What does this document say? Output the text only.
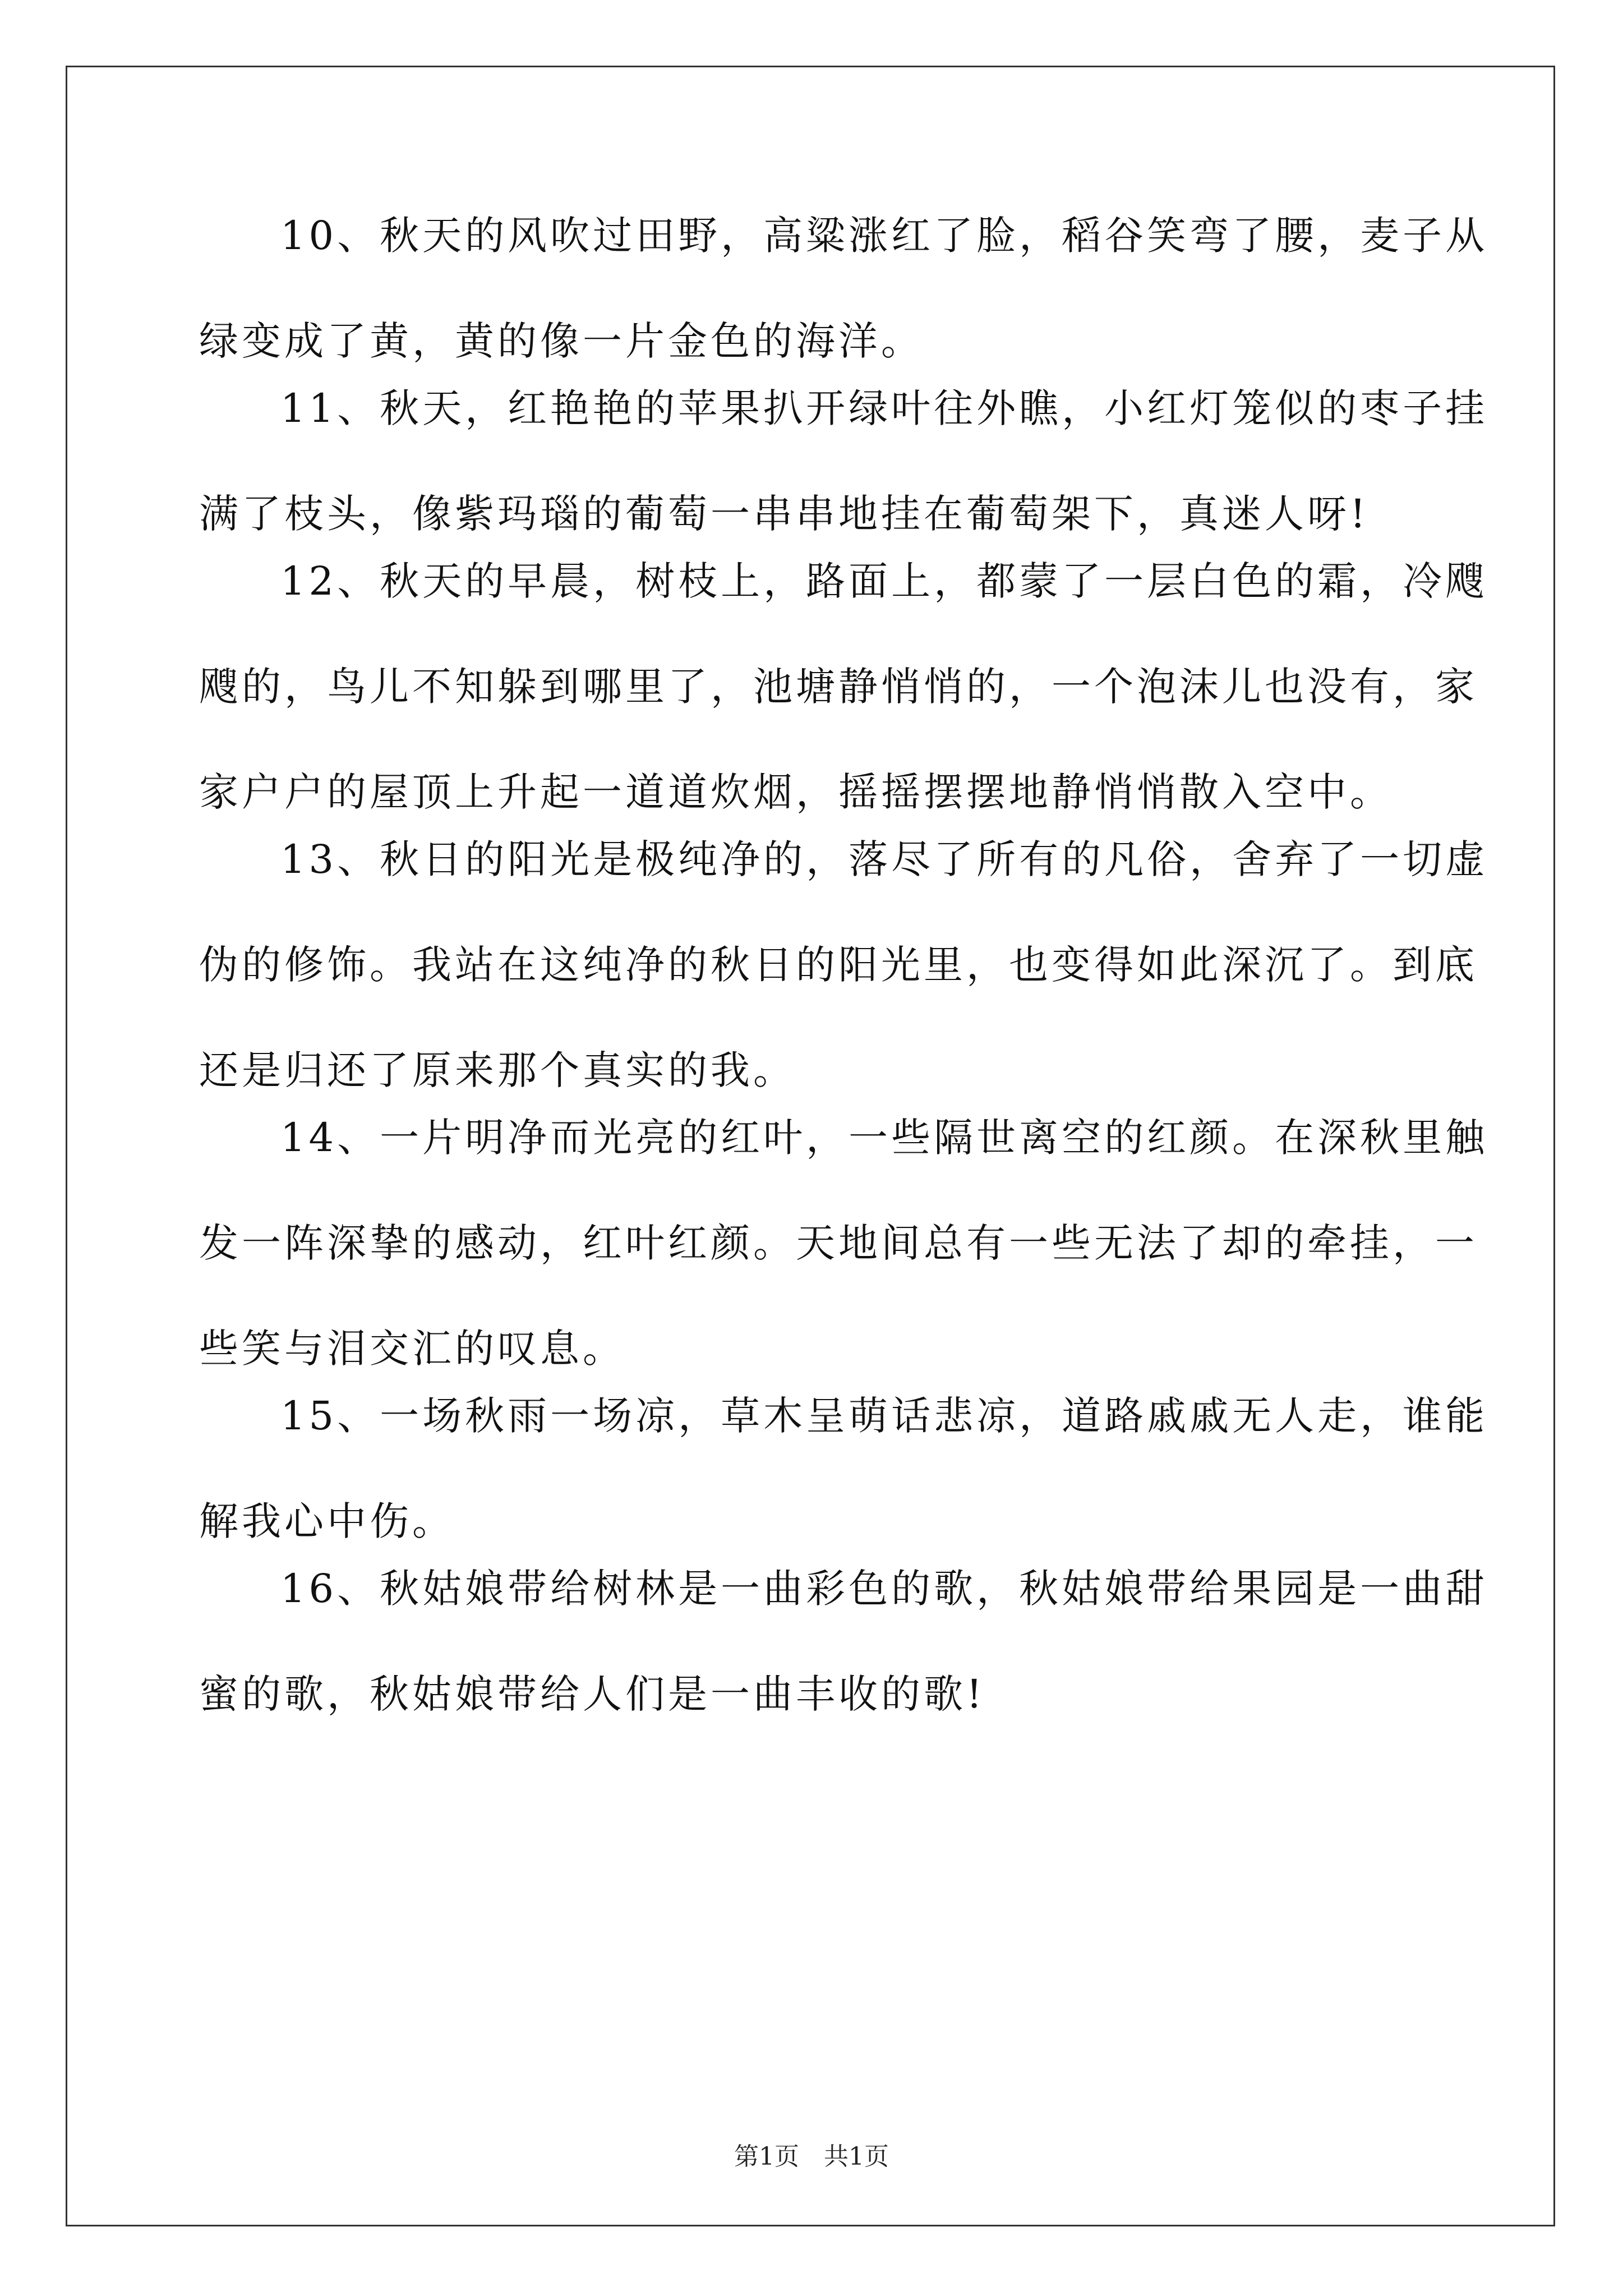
10、秋天的风吹过田野，高粱涨红了脸，稻谷笑弯了腰，麦子从
绿变成了黄，黄的像一片金色的海洋。
11、秋天，红艳艳的苹果扒开绿叶往外瞧，小红灯笼似的枣子挂
满了枝头，像紫玛瑙的葡萄一串串地挂在葡萄架下，真迷人呀!
12、秋天的早晨，树枝上，路面上，都蒙了一层白色的霜，冷飕
飕的，鸟儿不知躲到哪里了，池塘静悄悄的，一个泡沫儿也没有，家
家户户的屋顶上升起一道道炊烟，摇摇摆摆地静悄悄散入空中。
13、秋日的阳光是极纯净的，落尽了所有的凡俗，舍弃了一切虚
伪的修饰。我站在这纯净的秋日的阳光里，也变得如此深沉了。到底
还是归还了原来那个真实的我。
14、一片明净而光亮的红叶，一些隔世离空的红颜。在深秋里触
发一阵深挚的感动，红叶红颜。天地间总有一些无法了却的牵挂，一
些笑与泪交汇的叹息。
15、一场秋雨一场凉，草木呈萌话悲凉，道路戚戚无人走，谁能
解我心中伤。
16、秋姑娘带给树林是一曲彩色的歌，秋姑娘带给果园是一曲甜
蜜的歌，秋姑娘带给人们是一曲丰收的歌!
第1页 共1页
